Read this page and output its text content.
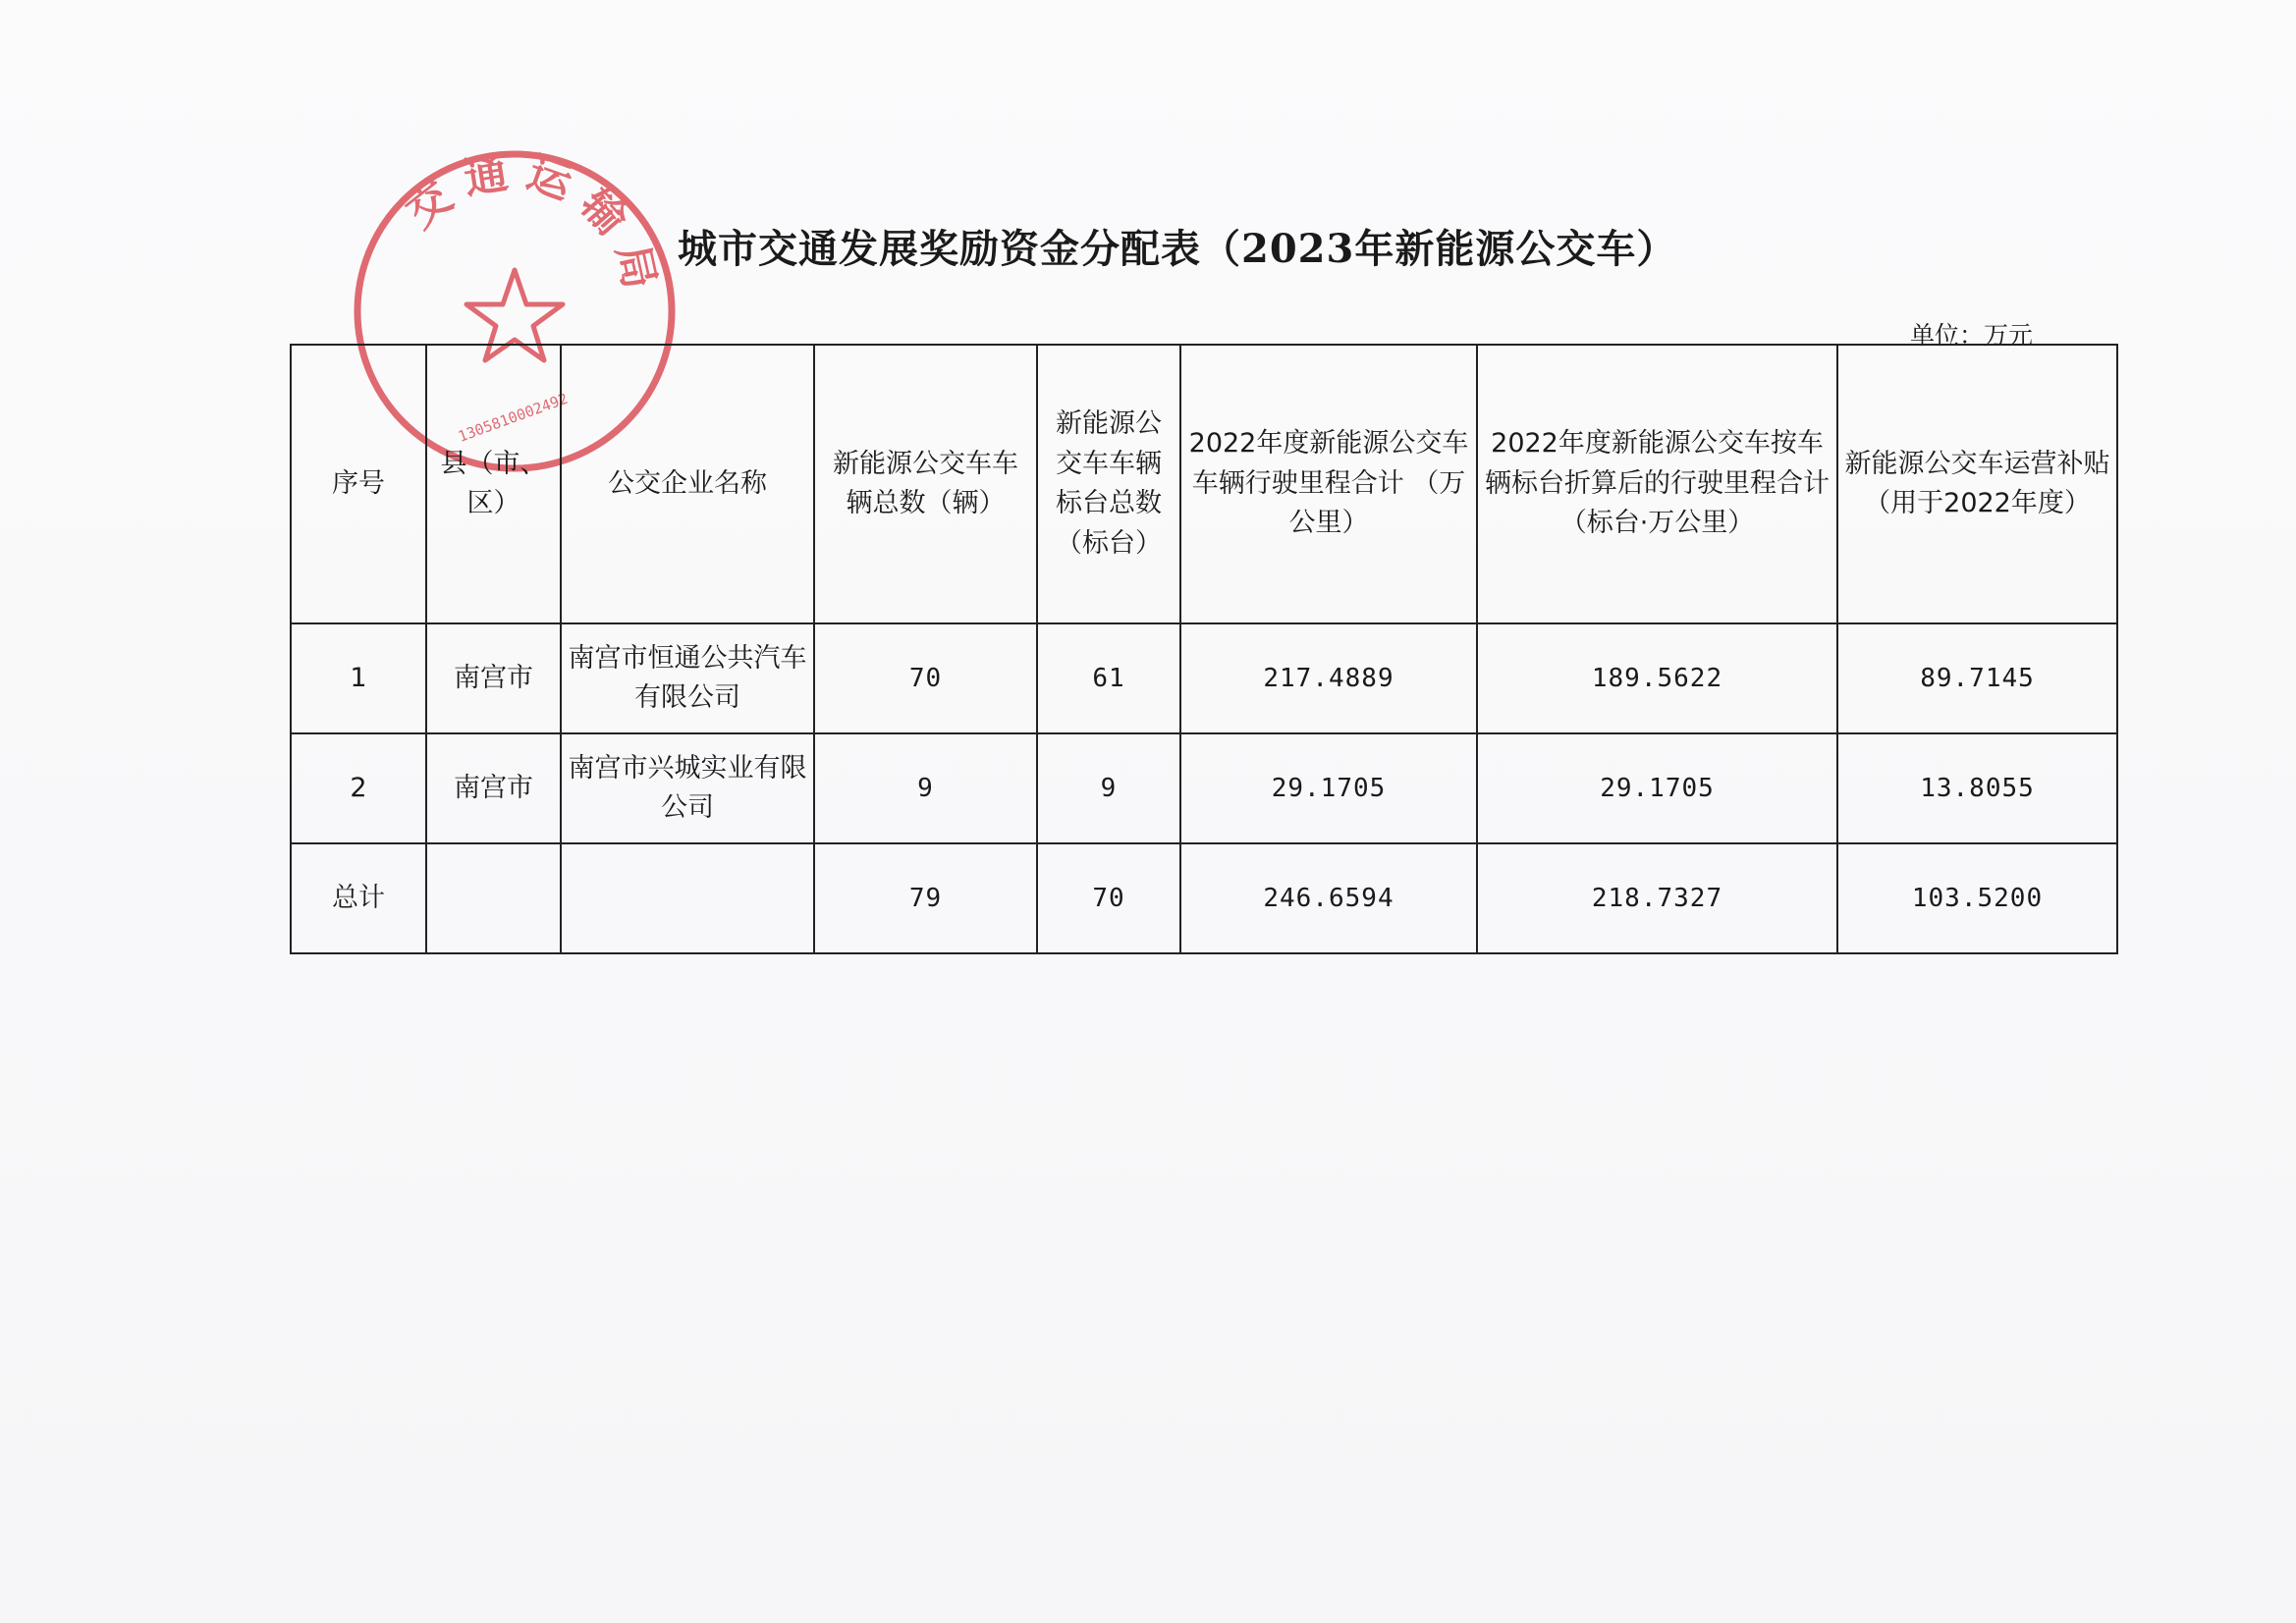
交通运输局
1305810002492
城市交通发展奖励资金分配表（2023年新能源公交车）
单位：万元
序号	县（市、区）	公交企业名称	新能源公交车车辆总数（辆）	新能源公交车车辆标台总数（标台）	2022年度新能源公交车车辆行驶里程合计 （万公里）	2022年度新能源公交车按车辆标台折算后的行驶里程合计（标台·万公里）	新能源公交车运营补贴（用于2022年度）
1	南宫市	南宫市恒通公共汽车有限公司	70	61	217.4889	189.5622	89.7145
2	南宫市	南宫市兴城实业有限公司	9	9	29.1705	29.1705	13.8055
总计			79	70	246.6594	218.7327	103.5200
